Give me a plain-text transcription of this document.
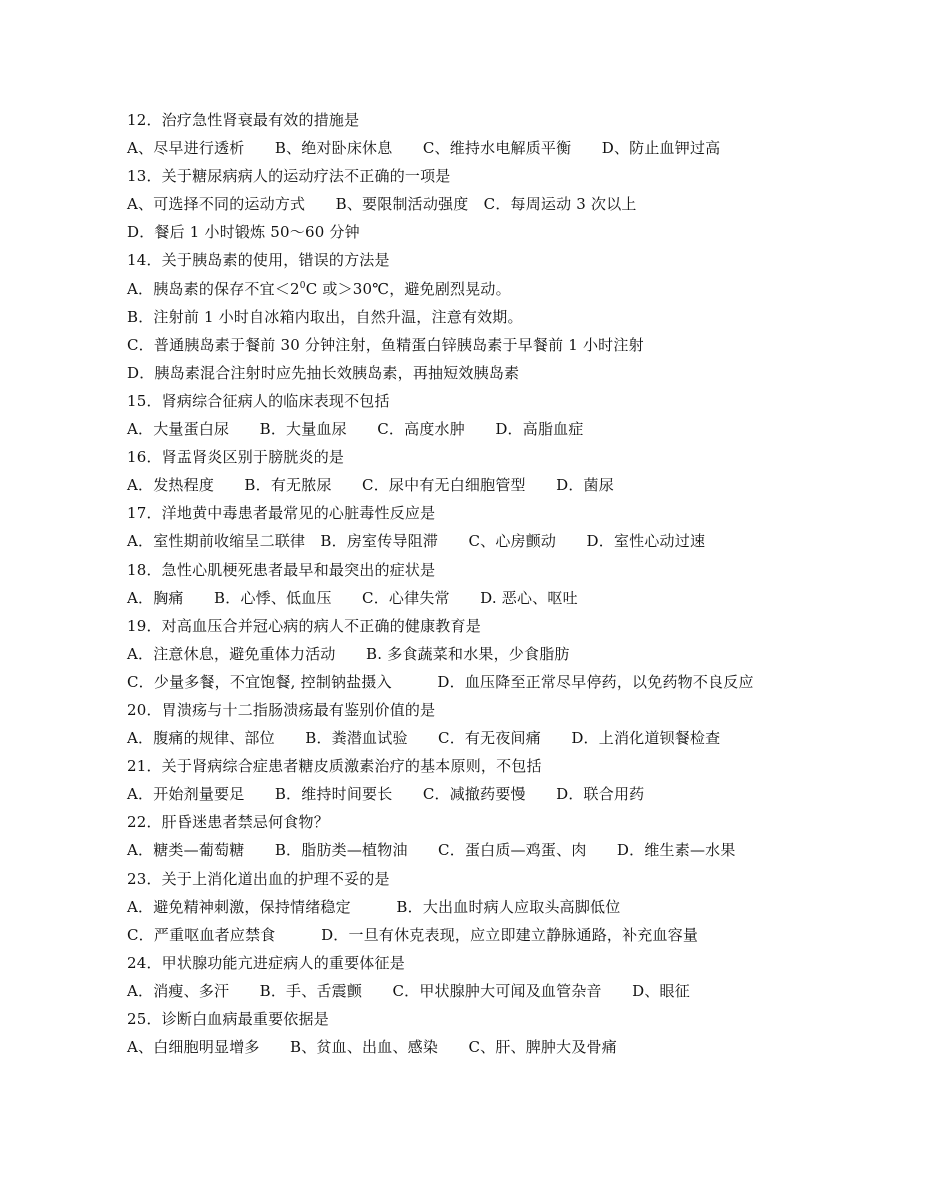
12．治疗急性肾衰最有效的措施是
A、尽早进行透析　　B、绝对卧床休息　　C、维持水电解质平衡　　D、防止血钾过高
13．关于糖尿病病人的运动疗法不正确的一项是
A、可选择不同的运动方式　　B、要限制活动强度　C．每周运动 3 次以上
D．餐后 1 小时锻炼 50～60 分钟
14．关于胰岛素的使用，错误的方法是
A．胰岛素的保存不宜$<2^0C$ 或＞30℃，避免剧烈晃动。
B．注射前 1 小时自冰箱内取出，自然升温，注意有效期。
C．普通胰岛素于餐前 30 分钟注射，鱼精蛋白锌胰岛素于早餐前 1 小时注射
D．胰岛素混合注射时应先抽长效胰岛素，再抽短效胰岛素
15．肾病综合征病人的临床表现不包括
A．大量蛋白尿　　B．大量血尿　　C．高度水肿　　D．高脂血症
16．肾盂肾炎区别于膀胱炎的是
A．发热程度　　B．有无脓尿　　C．尿中有无白细胞管型　　D．菌尿
17．洋地黄中毒患者最常见的心脏毒性反应是
A．室性期前收缩呈二联律　B．房室传导阻滞　　C、心房颤动　　D．室性心动过速
18．急性心肌梗死患者最早和最突出的症状是
A．胸痛　　B．心悸、低血压　　C．心律失常　　D. 恶心、呕吐
19．对高血压合并冠心病的病人不正确的健康教育是
A．注意休息，避免重体力活动　　B. 多食蔬菜和水果，少食脂肪
C．少量多餐，不宜饱餐, 控制钠盐摄入　　　D．血压降至正常尽早停药，以免药物不良反应
20．胃溃疡与十二指肠溃疡最有鉴别价值的是
A．腹痛的规律、部位　　B．粪潜血试验　　C．有无夜间痛　　D．上消化道钡餐检查
21．关于肾病综合症患者糖皮质激素治疗的基本原则，不包括
A．开始剂量要足　　B．维持时间要长　　C．减撤药要慢　　D．联合用药
22．肝昏迷患者禁忌何食物？
A．糖类—葡萄糖　　B．脂肪类—植物油　　C．蛋白质—鸡蛋、肉　　D．维生素—水果
23．关于上消化道出血的护理不妥的是
A．避免精神刺激，保持情绪稳定　　　B．大出血时病人应取头高脚低位
C．严重呕血者应禁食　　　D．一旦有休克表现，应立即建立静脉通路，补充血容量
24．甲状腺功能亢进症病人的重要体征是
A．消瘦、多汗　　B．手、舌震颤　　C．甲状腺肿大可闻及血管杂音　　D、眼征
25．诊断白血病最重要依据是
A、白细胞明显增多　　B、贫血、出血、感染　　C、肝、脾肿大及骨痛
